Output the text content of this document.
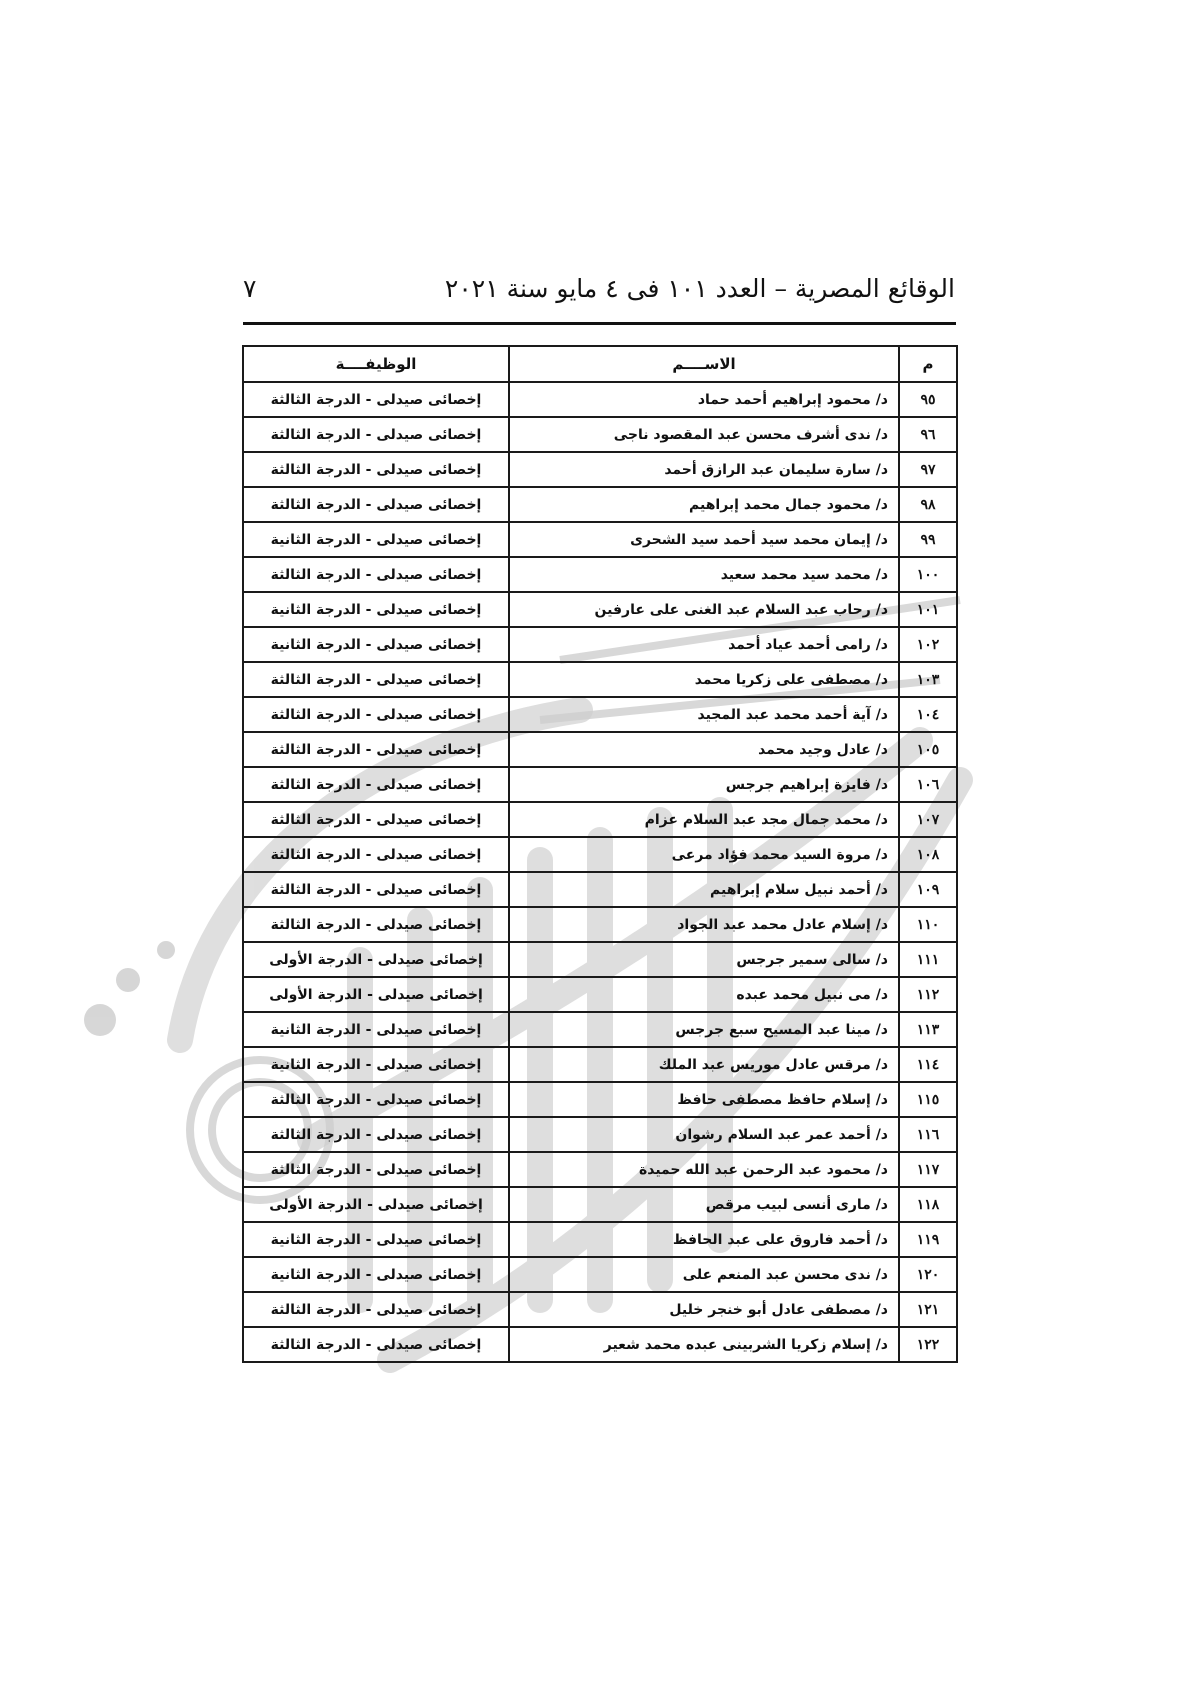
الوقائع المصرية – العدد ١٠١ فى ٤ مايو سنة ٢٠٢١
٧
م	الاســــم	الوظيفــــة
٩٥	د/ محمود إبراهيم أحمد حماد	إخصائى صيدلى - الدرجة الثالثة
٩٦	د/ ندى أشرف محسن عبد المقصود ناجى	إخصائى صيدلى - الدرجة الثالثة
٩٧	د/ سارة سليمان عبد الرازق أحمد	إخصائى صيدلى - الدرجة الثالثة
٩٨	د/ محمود جمال محمد إبراهيم	إخصائى صيدلى - الدرجة الثالثة
٩٩	د/ إيمان محمد سيد أحمد سيد الشحرى	إخصائى صيدلى - الدرجة الثانية
١٠٠	د/ محمد سيد محمد سعيد	إخصائى صيدلى - الدرجة الثالثة
١٠١	د/ رحاب عبد السلام عبد الغنى على عارفين	إخصائى صيدلى - الدرجة الثانية
١٠٢	د/ رامى أحمد عياد أحمد	إخصائى صيدلى - الدرجة الثانية
١٠٣	د/ مصطفى على زكريا محمد	إخصائى صيدلى - الدرجة الثالثة
١٠٤	د/ آية أحمد محمد عبد المجيد	إخصائى صيدلى - الدرجة الثالثة
١٠٥	د/ عادل وجيد محمد	إخصائى صيدلى - الدرجة الثالثة
١٠٦	د/ فايزة إبراهيم جرجس	إخصائى صيدلى - الدرجة الثالثة
١٠٧	د/ محمد جمال مجد عبد السلام عزام	إخصائى صيدلى - الدرجة الثالثة
١٠٨	د/ مروة السيد محمد فؤاد مرعى	إخصائى صيدلى - الدرجة الثالثة
١٠٩	د/ أحمد نبيل سلام إبراهيم	إخصائى صيدلى - الدرجة الثالثة
١١٠	د/ إسلام عادل محمد عبد الجواد	إخصائى صيدلى - الدرجة الثالثة
١١١	د/ سالى سمير جرجس	إخصائى صيدلى - الدرجة الأولى
١١٢	د/ مى نبيل محمد عبده	إخصائى صيدلى - الدرجة الأولى
١١٣	د/ مينا عبد المسيح سبع جرجس	إخصائى صيدلى - الدرجة الثانية
١١٤	د/ مرقس عادل موريس عبد الملك	إخصائى صيدلى - الدرجة الثانية
١١٥	د/ إسلام حافظ مصطفى حافظ	إخصائى صيدلى - الدرجة الثالثة
١١٦	د/ أحمد عمر عبد السلام رشوان	إخصائى صيدلى - الدرجة الثالثة
١١٧	د/ محمود عبد الرحمن عبد الله حميدة	إخصائى صيدلى - الدرجة الثالثة
١١٨	د/ مارى أنسى لبيب مرقص	إخصائى صيدلى - الدرجة الأولى
١١٩	د/ أحمد فاروق على عبد الحافظ	إخصائى صيدلى - الدرجة الثانية
١٢٠	د/ ندى محسن عبد المنعم على	إخصائى صيدلى - الدرجة الثانية
١٢١	د/ مصطفى عادل أبو خنجر خليل	إخصائى صيدلى - الدرجة الثالثة
١٢٢	د/ إسلام زكريا الشربينى عبده محمد شعير	إخصائى صيدلى - الدرجة الثالثة
